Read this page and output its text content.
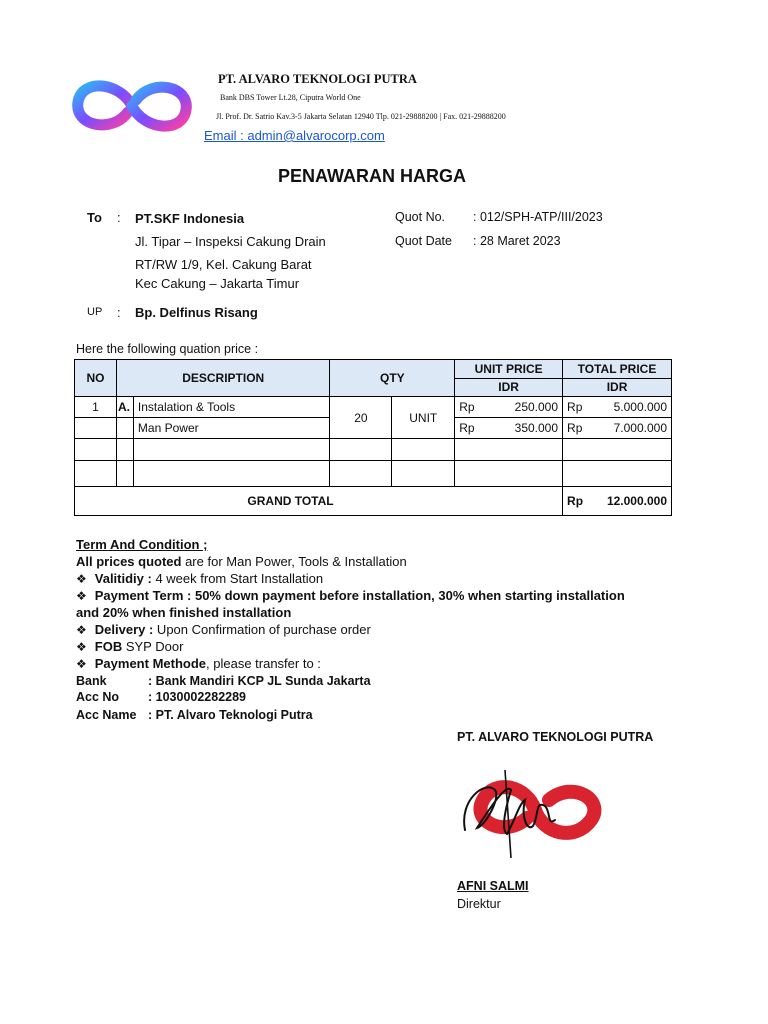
PT. ALVARO TEKNOLOGI PUTRA
Bank DBS Tower Lt.28, Ciputra World One
Jl. Prof. Dr. Satrio Kav.3-5 Jakarta Selatan 12940 Tlp. 021-29888200 | Fax. 021-29888200
Email : admin@alvarocorp.com
PENAWARAN HARGA
To : PT.SKF Indonesia
Jl. Tipar – Inspeksi Cakung Drain
RT/RW 1/9, Kel. Cakung Barat
Kec Cakung – Jakarta Timur
UP : Bp. Delfinus Risang
Quot No. : 012/SPH-ATP/III/2023
Quot Date : 28 Maret 2023
Here the following quation price :
NO	DESCRIPTION		QTY		UNIT PRICE	TOTAL PRICE
					IDR	IDR
1	A.	Instalation & Tools	20	UNIT	Rp 250.000	Rp 5.000.000

		Man Power			Rp 350.000	Rp 7.000.000

GRAND TOTAL						Rp 12.000.000
Term And Condition ;
All prices quoted are for Man Power, Tools & Installation
❖ Valitidiy : 4 week from Start Installation
❖ Payment Term : 50% down payment before installation, 30% when starting installation
and 20% when finished installation
❖ Delivery : Upon Confirmation of purchase order
❖ FOB SYP Door
❖ Payment Methode, please transfer to :
Bank	: Bank Mandiri KCP JL Sunda Jakarta
Acc No : 1030002282289
Acc Name : PT. Alvaro Teknologi Putra
PT. ALVARO TEKNOLOGI PUTRA
AFNI SALMI
Direktur
